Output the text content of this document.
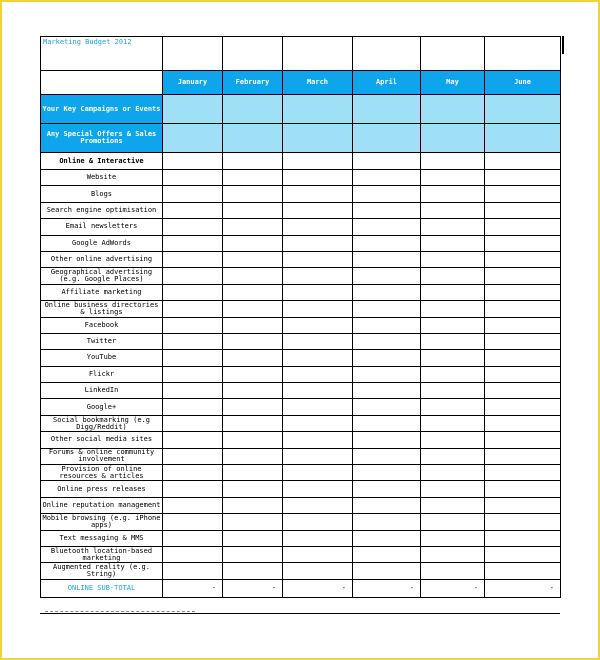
Marketing Budget 2012						
	January	February	March	April	May	June
Your Key Campaigns or Events						
Any Special Offers & Sales Promotions						
Online & Interactive						
Website						
Blogs						
Search engine optimisation						
Email newsletters						
Google AdWords						
Other online advertising						
Geographical advertising (e.g. Google Places)						
Affiliate marketing						
Online business directories & listings						
Facebook						
Twitter						
YouTube						
Flickr						
LinkedIn						
Google+						
Social bookmarking (e.g Digg/Reddit)						
Other social media sites						
Forums & online community involvement						
Provision of online resources & articles						
Online press releases						
Online reputation management						
Mobile browsing (e.g. iPhone apps)						
Text messaging & MMS						
Bluetooth location-based marketing						
Augmented reality (e.g. String)						
ONLINE SUB-TOTAL	-	-	-	-	-	-
